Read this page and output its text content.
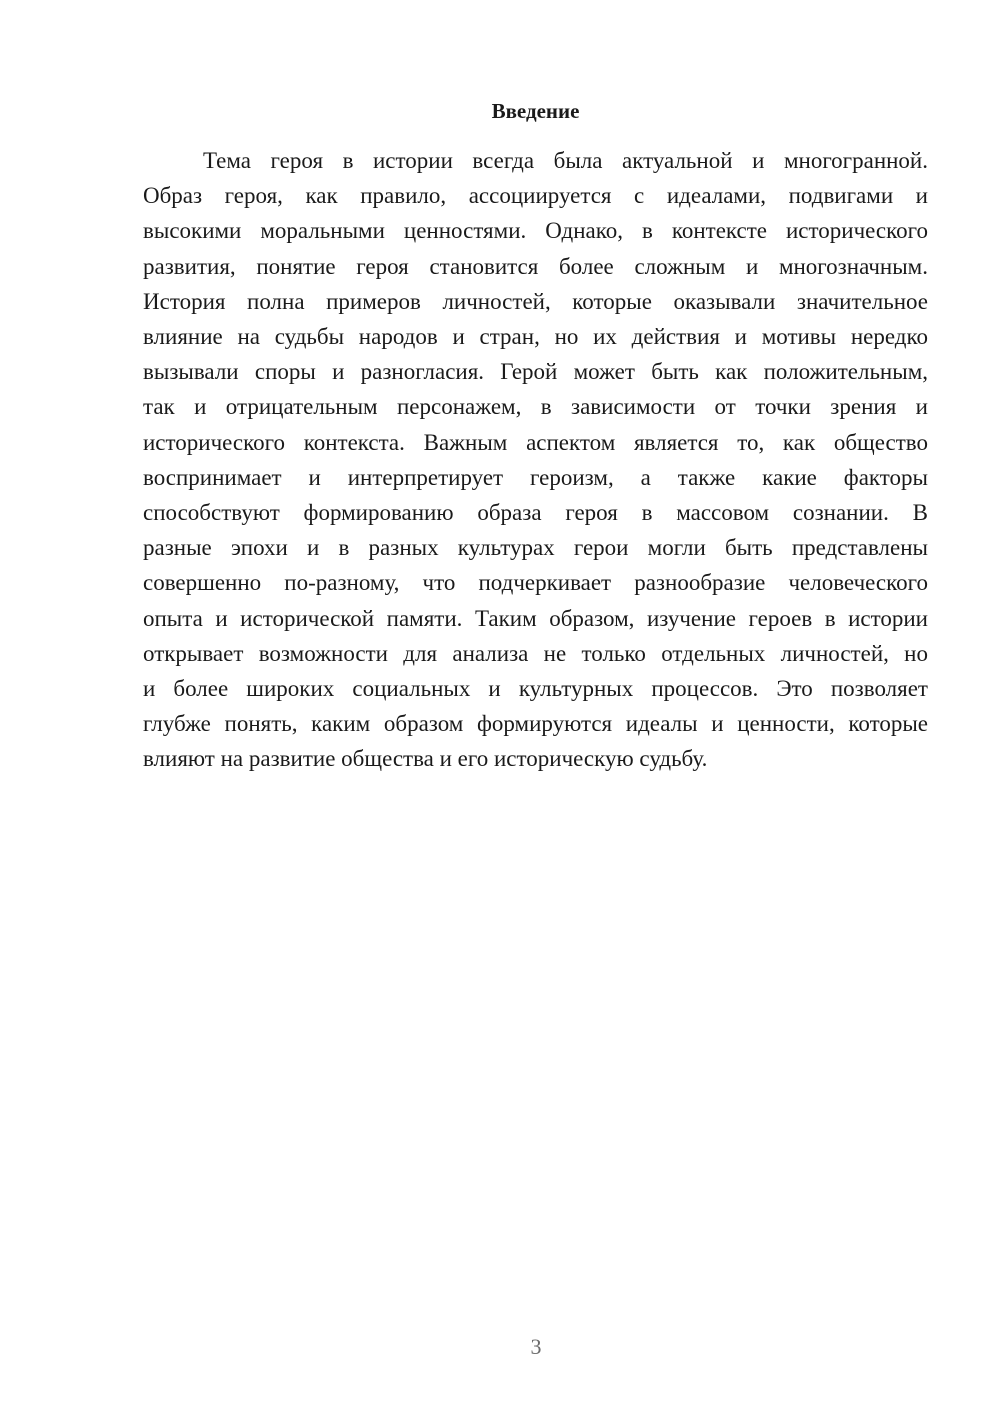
Введение
Тема героя в истории всегда была актуальной и многогранной.
Образ героя, как правило, ассоциируется с идеалами, подвигами и
высокими моральными ценностями. Однако, в контексте исторического
развития, понятие героя становится более сложным и многозначным.
История полна примеров личностей, которые оказывали значительное
влияние на судьбы народов и стран, но их действия и мотивы нередко
вызывали споры и разногласия. Герой может быть как положительным,
так и отрицательным персонажем, в зависимости от точки зрения и
исторического контекста. Важным аспектом является то, как общество
воспринимает и интерпретирует героизм, а также какие факторы
способствуют формированию образа героя в массовом сознании. В
разные эпохи и в разных культурах герои могли быть представлены
совершенно по-разному, что подчеркивает разнообразие человеческого
опыта и исторической памяти. Таким образом, изучение героев в истории
открывает возможности для анализа не только отдельных личностей, но
и более широких социальных и культурных процессов. Это позволяет
глубже понять, каким образом формируются идеалы и ценности, которые
влияют на развитие общества и его историческую судьбу.
3
